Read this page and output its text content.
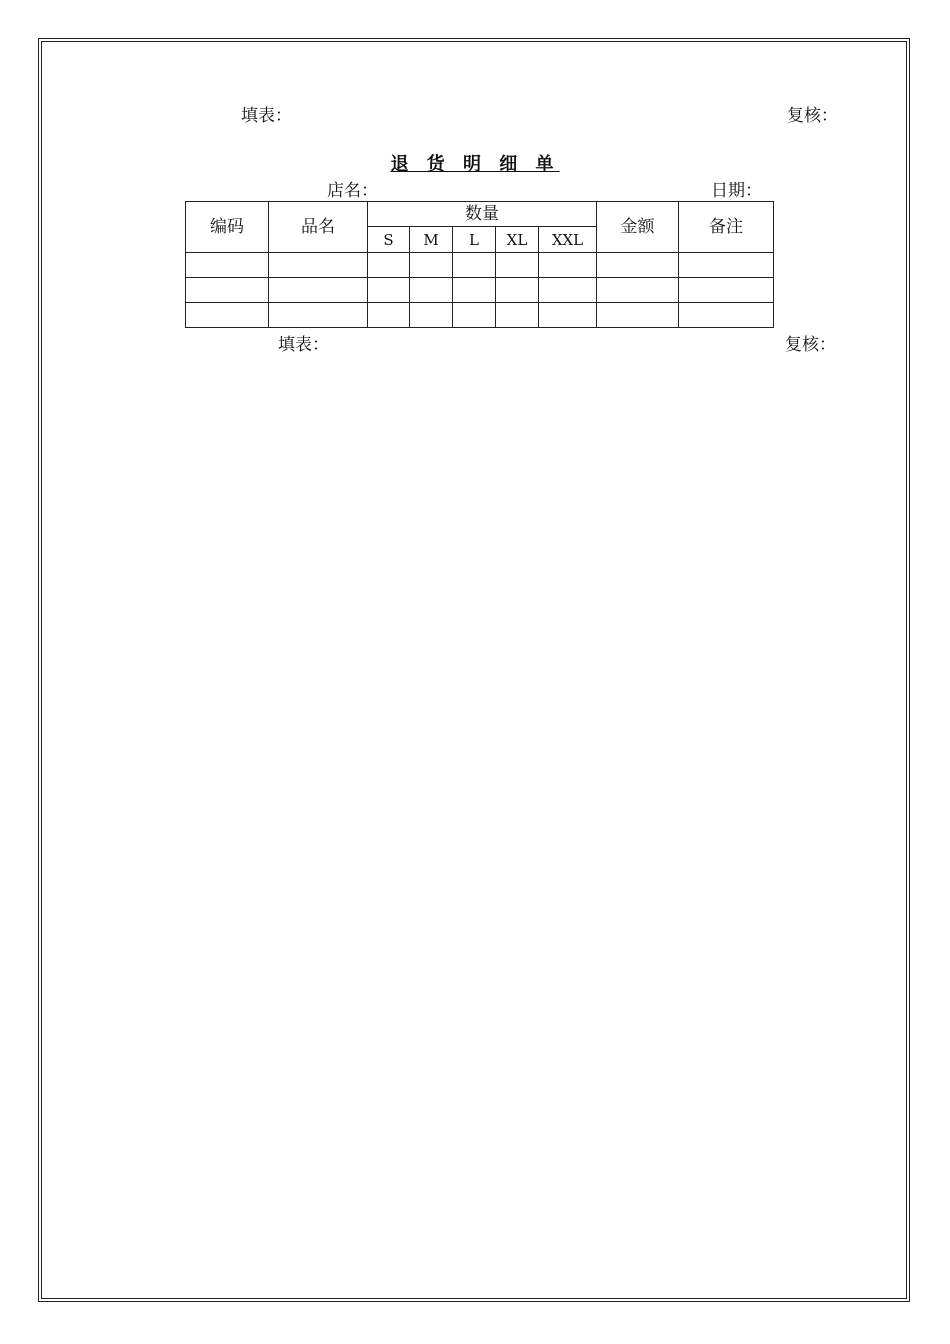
填表：	复核：
退 货 明 细 单
店名：	日期：
编码	品名	数量					金额	备注
		S	M	L	XL	XXL		

填表：	复核：
